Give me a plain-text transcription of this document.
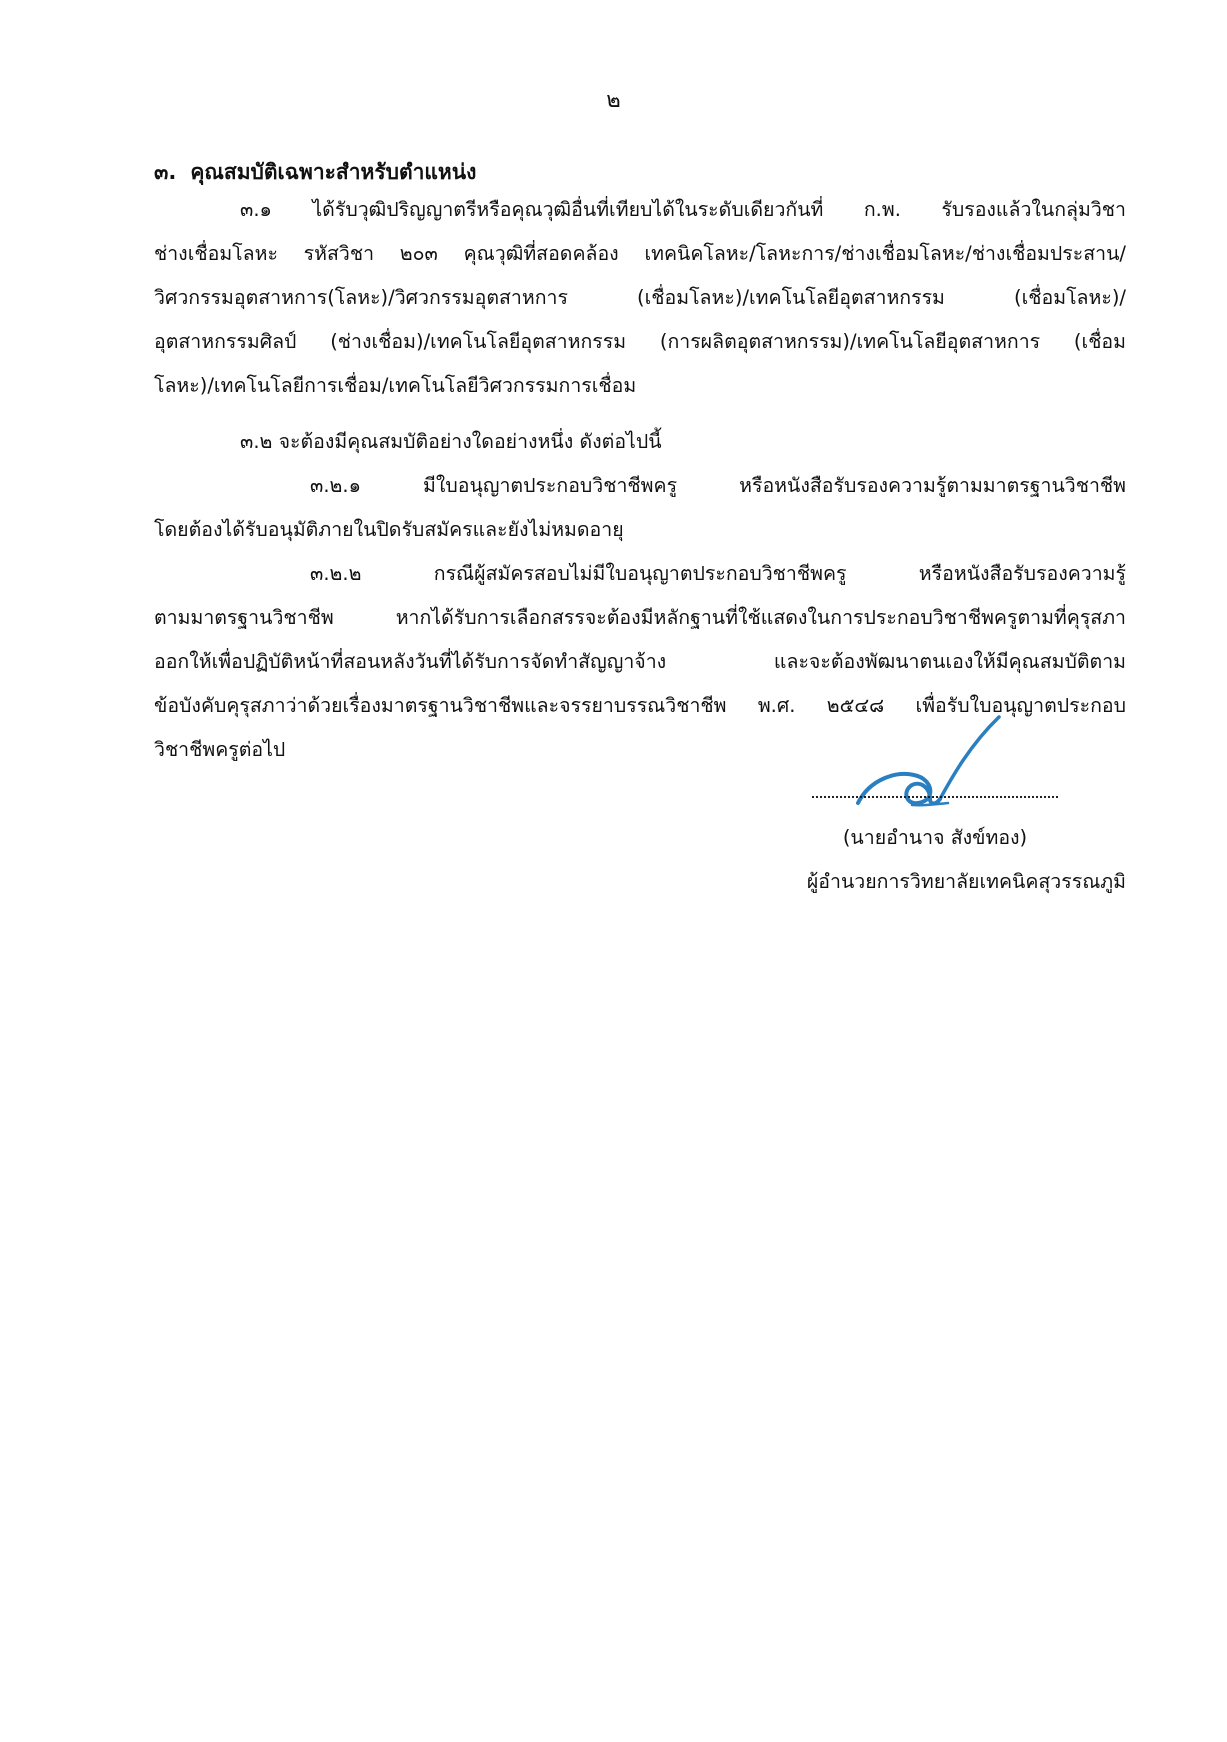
๒
๓. คุณสมบัติเฉพาะสำหรับตำแหน่ง
๓.๑ ได้รับวุฒิปริญญาตรีหรือคุณวุฒิอื่นที่เทียบได้ในระดับเดียวกันที่ ก.พ. รับรองแล้วในกลุ่มวิชา
ช่างเชื่อมโลหะ รหัสวิชา ๒๐๓ คุณวุฒิที่สอดคล้อง เทคนิคโลหะ/โลหะการ/ช่างเชื่อมโลหะ/ช่างเชื่อมประสาน/
วิศวกรรมอุตสาหการ(โลหะ)/วิศวกรรมอุตสาหการ (เชื่อมโลหะ)/เทคโนโลยีอุตสาหกรรม (เชื่อมโลหะ)/
อุตสาหกรรมศิลป์ (ช่างเชื่อม)/เทคโนโลยีอุตสาหกรรม (การผลิตอุตสาหกรรม)/เทคโนโลยีอุตสาหการ (เชื่อม
โลหะ)/เทคโนโลยีการเชื่อม/เทคโนโลยีวิศวกรรมการเชื่อม
๓.๒ จะต้องมีคุณสมบัติอย่างใดอย่างหนึ่ง ดังต่อไปนี้
๓.๒.๑ มีใบอนุญาตประกอบวิชาชีพครู หรือหนังสือรับรองความรู้ตามมาตรฐานวิชาชีพ
โดยต้องได้รับอนุมัติภายในปิดรับสมัครและยังไม่หมดอายุ
๓.๒.๒ กรณีผู้สมัครสอบไม่มีใบอนุญาตประกอบวิชาชีพครู หรือหนังสือรับรองความรู้
ตามมาตรฐานวิชาชีพ หากได้รับการเลือกสรรจะต้องมีหลักฐานที่ใช้แสดงในการประกอบวิชาชีพครูตามที่คุรุสภา
ออกให้เพื่อปฏิบัติหน้าที่สอนหลังวันที่ได้รับการจัดทำสัญญาจ้าง และจะต้องพัฒนาตนเองให้มีคุณสมบัติตาม
ข้อบังคับคุรุสภาว่าด้วยเรื่องมาตรฐานวิชาชีพและจรรยาบรรณวิชาชีพ พ.ศ. ๒๕๔๘ เพื่อรับใบอนุญาตประกอบ
วิชาชีพครูต่อไป
(นายอำนาจ สังข์ทอง)
ผู้อำนวยการวิทยาลัยเทคนิคสุวรรณภูมิ
